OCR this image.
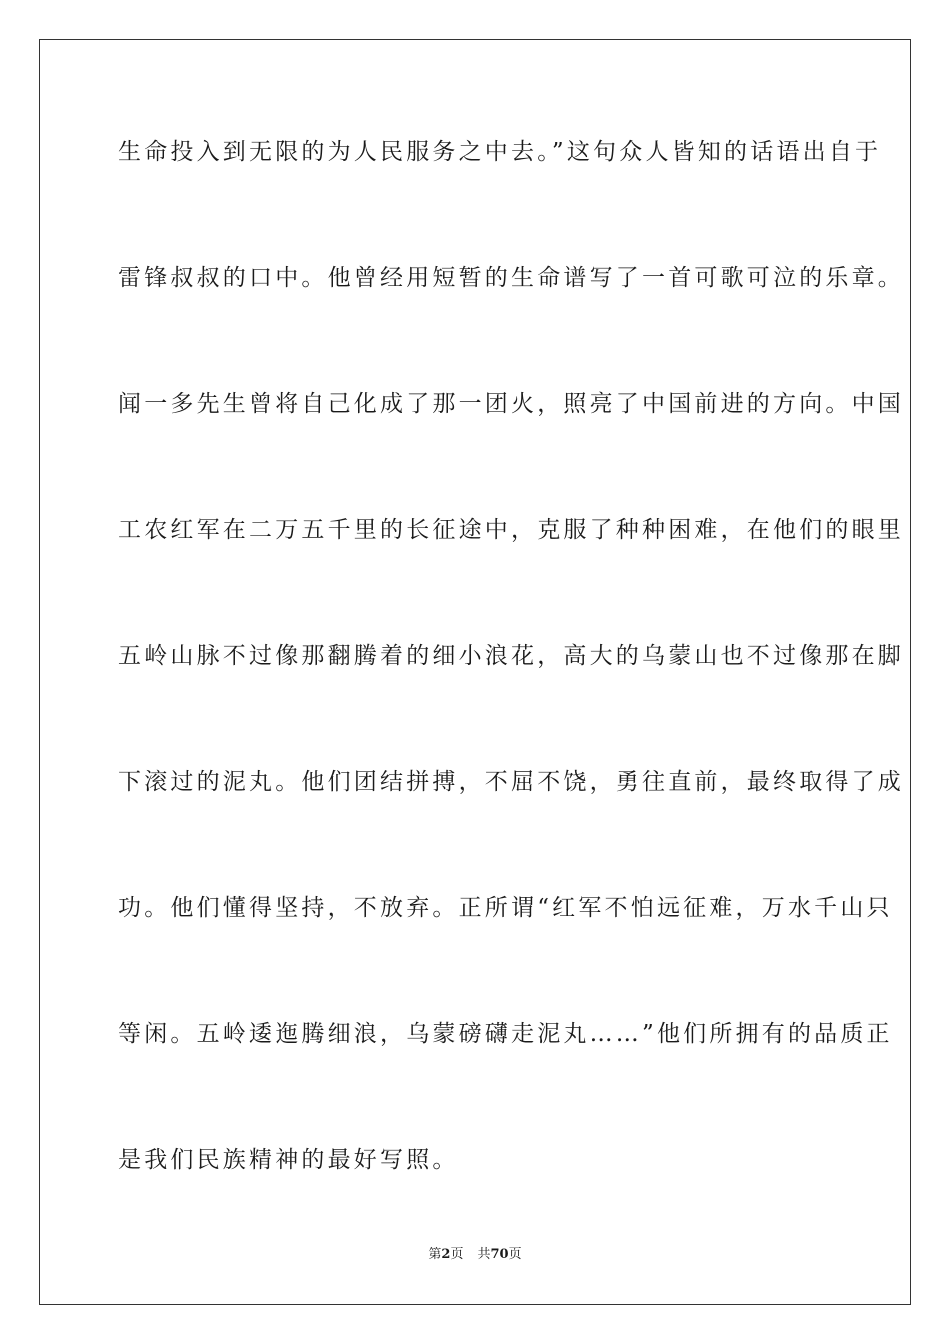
生命投入到无限的为人民服务之中去。”这句众人皆知的话语出自于

雷锋叔叔的口中。他曾经用短暂的生命谱写了一首可歌可泣的乐章。

闻一多先生曾将自己化成了那一团火，照亮了中国前进的方向。中国

工农红军在二万五千里的长征途中，克服了种种困难，在他们的眼里

五岭山脉不过像那翻腾着的细小浪花，高大的乌蒙山也不过像那在脚

下滚过的泥丸。他们团结拼搏，不屈不饶，勇往直前，最终取得了成

功。他们懂得坚持，不放弃。正所谓“红军不怕远征难，万水千山只

等闲。五岭逶迤腾细浪，乌蒙磅礴走泥丸……”他们所拥有的品质正

是我们民族精神的最好写照。

第2页 共70页
